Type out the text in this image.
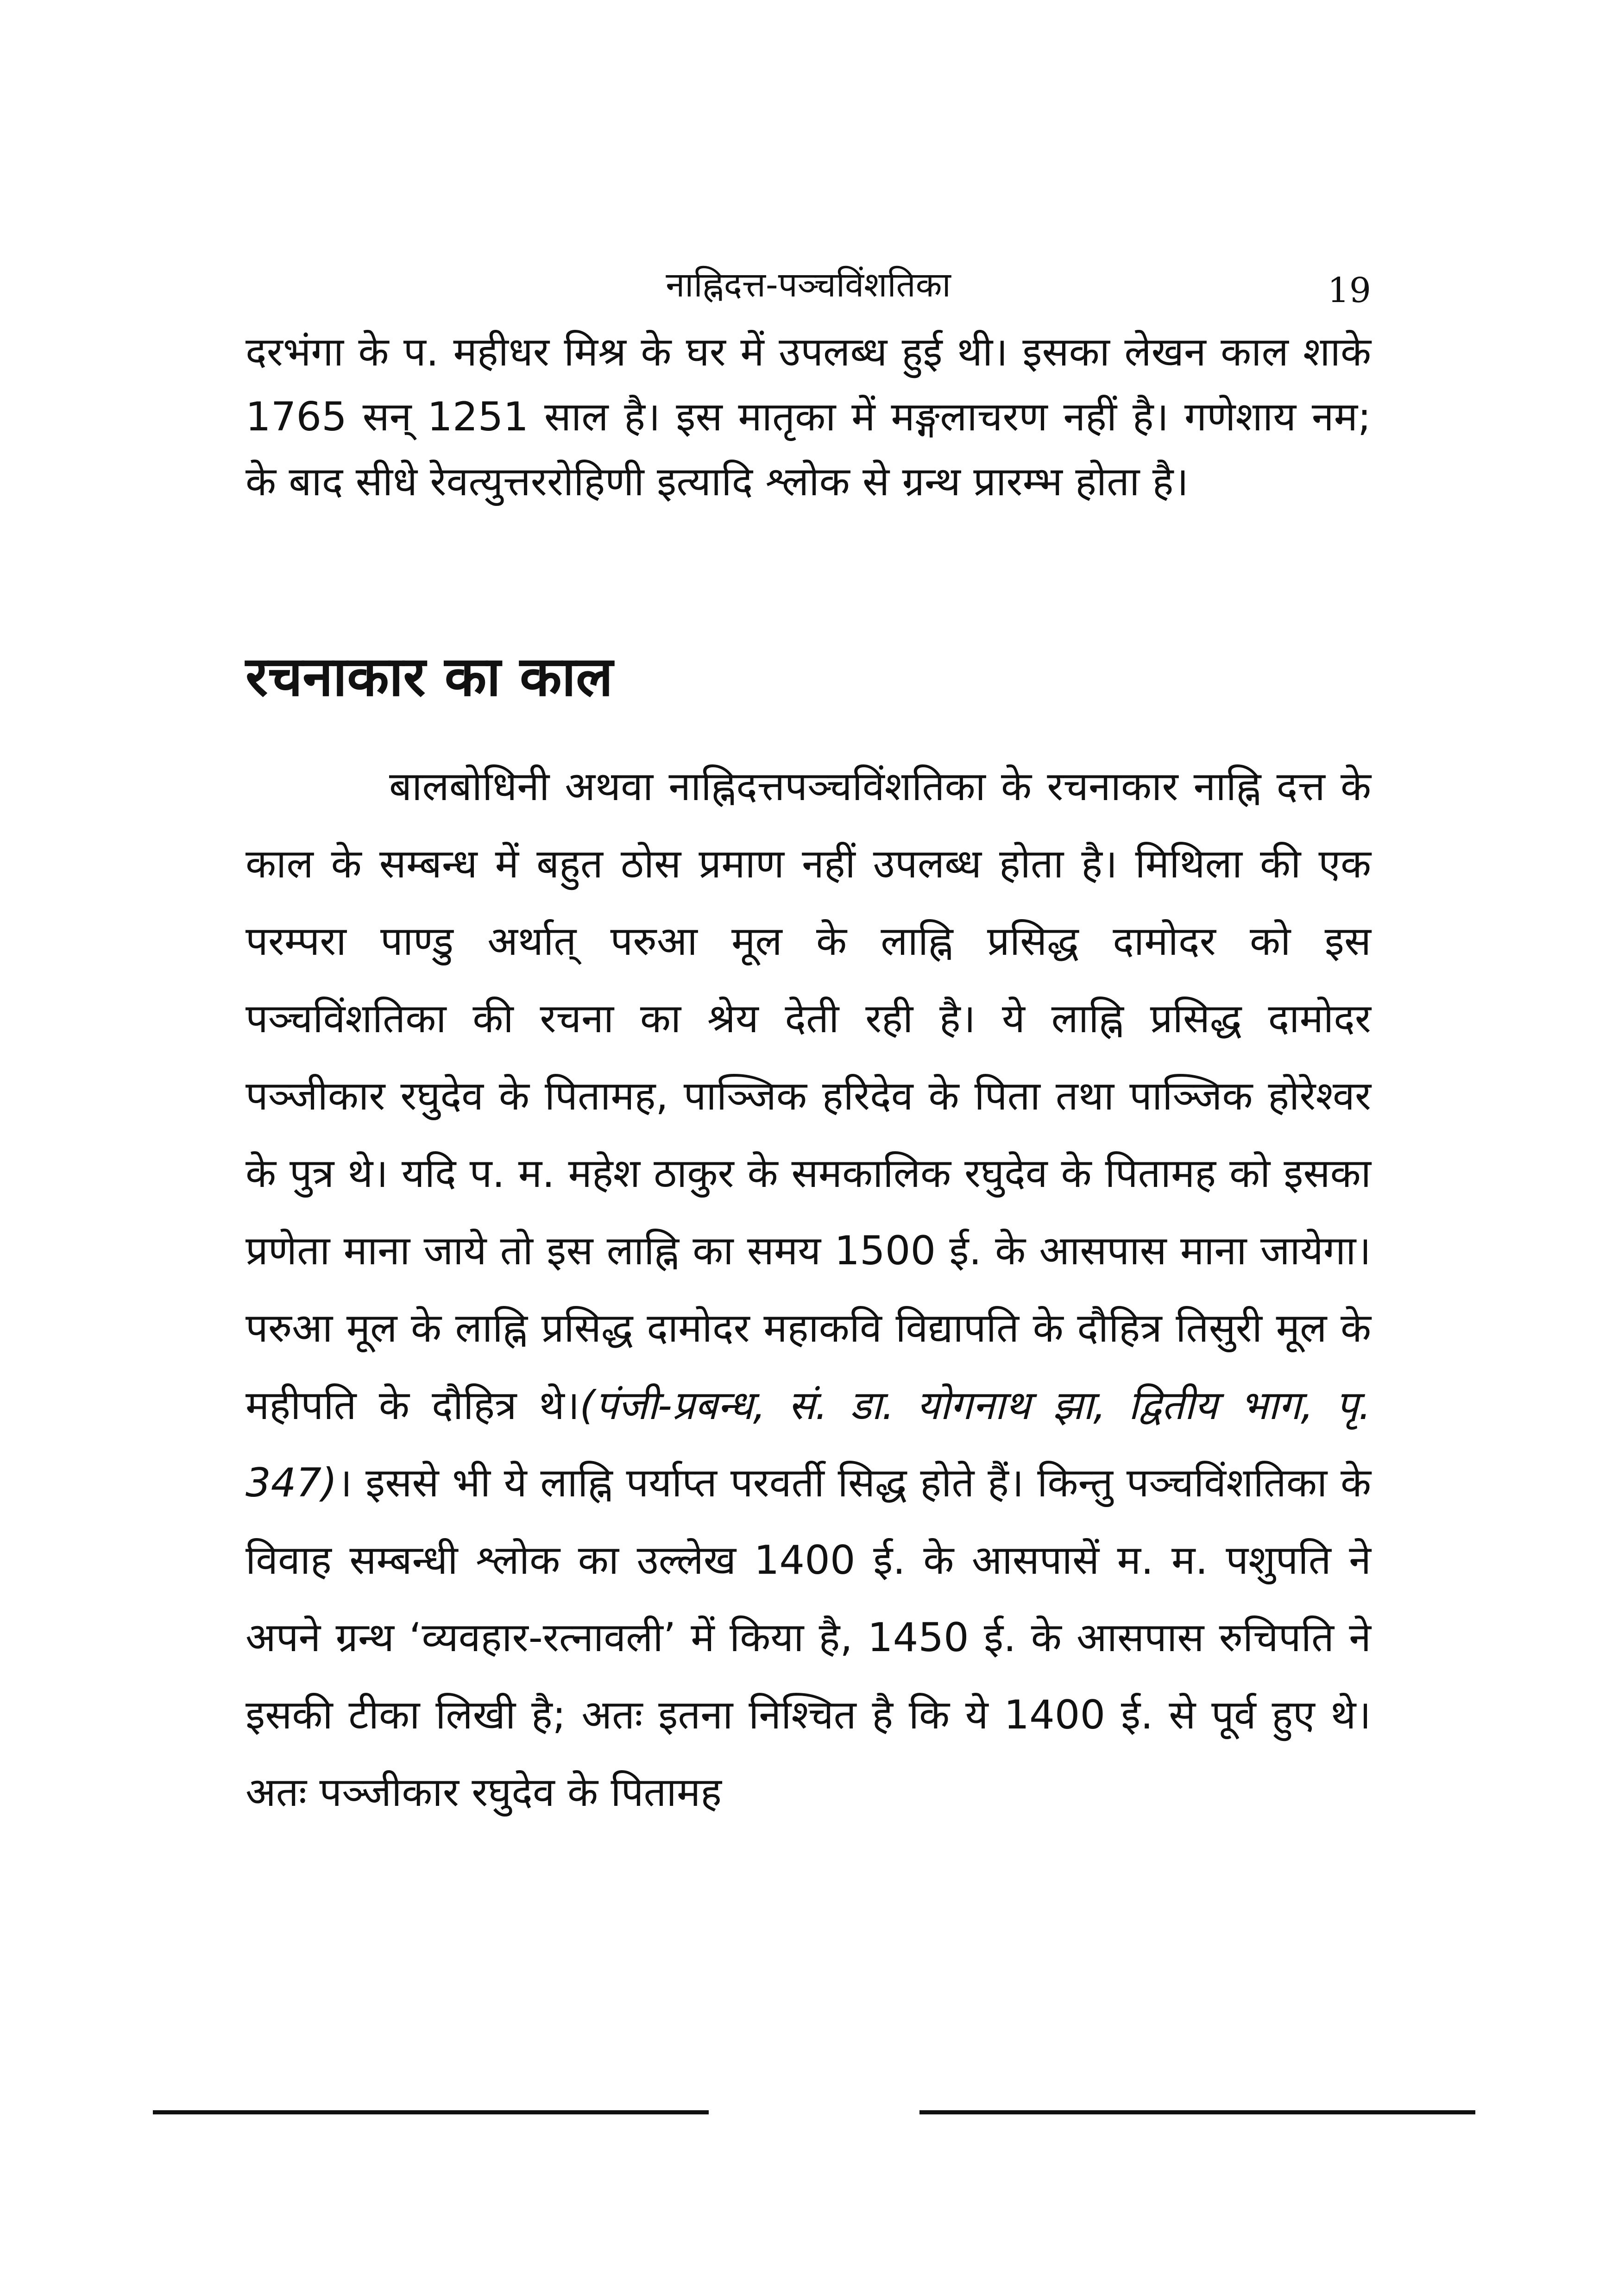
नाह्निदत्त-पञ्चविंशतिका	19

दरभंगा के प. महीधर मिश्र के घर में उपलब्ध हुई थी। इसका लेखन काल शाके 1765 सन् 1251 साल है। इस मातृका में मङ्गलाचरण नहीं है। गणेशाय नम; के बाद सीधे रेवत्युत्तररोहिणी इत्यादि श्लोक से ग्रन्थ प्रारम्भ होता है।

रचनाकार का काल

बालबोधिनी अथवा नाह्निदत्तपञ्चविंशतिका के रचनाकार नाह्नि दत्त के काल के सम्बन्ध में बहुत ठोस प्रमाण नहीं उपलब्ध होता है। मिथिला की एक परम्परा पाण्डु अर्थात् परुआ मूल के लाह्नि प्रसिद्ध दामोदर को इस पञ्चविंशतिका की रचना का श्रेय देती रही है। ये लाह्नि प्रसिद्ध दामोदर पञ्जीकार रघुदेव के पितामह, पाञ्जिक हरिदेव के पिता तथा पाञ्जिक होरेश्वर के पुत्र थे। यदि प. म. महेश ठाकुर के समकालिक रघुदेव के पितामह को इसका प्रणेता माना जाये तो इस लाह्नि का समय 1500 ई. के आसपास माना जायेगा। परुआ मूल के लाह्नि प्रसिद्ध दामोदर महाकवि विद्यापति के दौहित्र तिसुरी मूल के महीपति के दौहित्र थे।(पंजी-प्रबन्ध, सं. डा. योगनाथ झा, द्वितीय भाग, पृ. 347)। इससे भी ये लाह्नि पर्याप्त परवर्ती सिद्ध होते हैं। किन्तु पञ्चविंशतिका के विवाह सम्बन्धी श्लोक का उल्लेख 1400 ई. के आसपासें म. म. पशुपति ने अपने ग्रन्थ ‘व्यवहार-रत्नावली’ में किया है, 1450 ई. के आसपास रुचिपति ने इसकी टीका लिखी है; अतः इतना निश्चित है कि ये 1400 ई. से पूर्व हुए थे।अतः पञ्जीकार रघुदेव के पितामह
